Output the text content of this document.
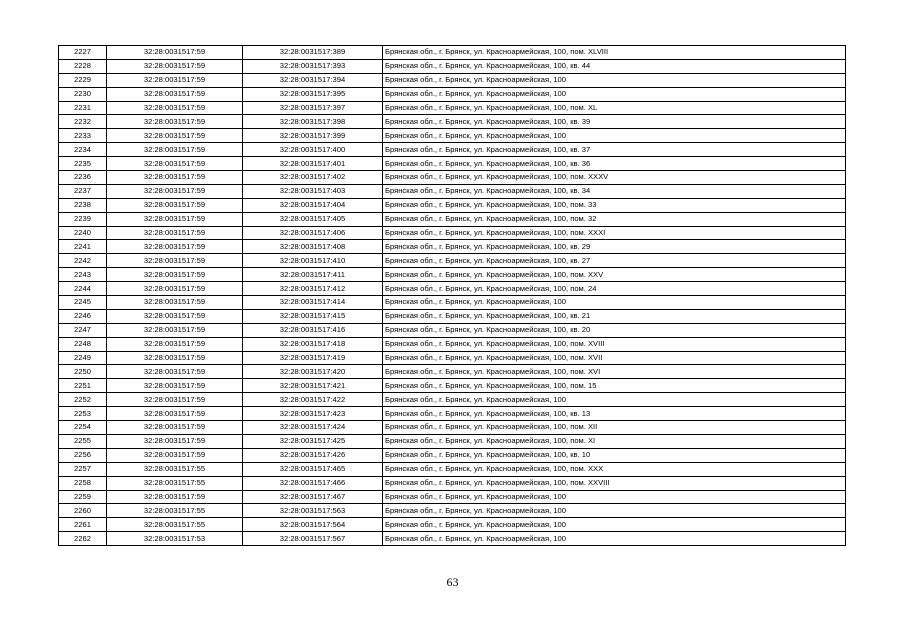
2227	32:28:0031517:59	32:28:0031517:389	Брянская обл., г. Брянск, ул. Красноармейская, 100, пом. XLVIII
2228	32:28:0031517:59	32:28:0031517:393	Брянская обл., г. Брянск, ул. Красноармейская, 100, кв. 44
2229	32:28:0031517:59	32:28:0031517:394	Брянская обл., г. Брянск, ул. Красноармейская, 100
2230	32:28:0031517:59	32:28:0031517:395	Брянская обл., г. Брянск, ул. Красноармейская, 100
2231	32:28:0031517:59	32:28:0031517:397	Брянская обл., г. Брянск, ул. Красноармейская, 100, пом. XL
2232	32:28:0031517:59	32:28:0031517:398	Брянская обл., г. Брянск, ул. Красноармейская, 100, кв. 39
2233	32:28:0031517:59	32:28:0031517:399	Брянская обл., г. Брянск, ул. Красноармейская, 100
2234	32:28:0031517:59	32:28:0031517:400	Брянская обл., г. Брянск, ул. Красноармейская, 100, кв. 37
2235	32:28:0031517:59	32:28:0031517:401	Брянская обл., г. Брянск, ул. Красноармейская, 100, кв. 36
2236	32:28:0031517:59	32:28:0031517:402	Брянская обл., г. Брянск, ул. Красноармейская, 100, пом. XXXV
2237	32:28:0031517:59	32:28:0031517:403	Брянская обл., г. Брянск, ул. Красноармейская, 100, кв. 34
2238	32:28:0031517:59	32:28:0031517:404	Брянская обл., г. Брянск, ул. Красноармейская, 100, пом. 33
2239	32:28:0031517:59	32:28:0031517:405	Брянская обл., г. Брянск, ул. Красноармейская, 100, пом. 32
2240	32:28:0031517:59	32:28:0031517:406	Брянская обл., г. Брянск, ул. Красноармейская, 100, пом. XXXI
2241	32:28:0031517:59	32:28:0031517:408	Брянская обл., г. Брянск, ул. Красноармейская, 100, кв. 29
2242	32:28:0031517:59	32:28:0031517:410	Брянская обл., г. Брянск, ул. Красноармейская, 100, кв. 27
2243	32:28:0031517:59	32:28:0031517:411	Брянская обл., г. Брянск, ул. Красноармейская, 100, пом. XXV
2244	32:28:0031517:59	32:28:0031517:412	Брянская обл., г. Брянск, ул. Красноармейская, 100, пом. 24
2245	32:28:0031517:59	32:28:0031517:414	Брянская обл., г. Брянск, ул. Красноармейская, 100
2246	32:28:0031517:59	32:28:0031517:415	Брянская обл., г. Брянск, ул. Красноармейская, 100, кв. 21
2247	32:28:0031517:59	32:28:0031517:416	Брянская обл., г. Брянск, ул. Красноармейская, 100, кв. 20
2248	32:28:0031517:59	32:28:0031517:418	Брянская обл., г. Брянск, ул. Красноармейская, 100, пом. XVIII
2249	32:28:0031517:59	32:28:0031517:419	Брянская обл., г. Брянск, ул. Красноармейская, 100, пом. XVII
2250	32:28:0031517:59	32:28:0031517:420	Брянская обл., г. Брянск, ул. Красноармейская, 100, пом. XVI
2251	32:28:0031517:59	32:28:0031517:421	Брянская обл., г. Брянск, ул. Красноармейская, 100, пом. 15
2252	32:28:0031517:59	32:28:0031517:422	Брянская обл., г. Брянск, ул. Красноармейская, 100
2253	32:28:0031517:59	32:28:0031517:423	Брянская обл., г. Брянск, ул. Красноармейская, 100, кв. 13
2254	32:28:0031517:59	32:28:0031517:424	Брянская обл., г. Брянск, ул. Красноармейская, 100, пом. XII
2255	32:28:0031517:59	32:28:0031517:425	Брянская обл., г. Брянск, ул. Красноармейская, 100, пом. XI
2256	32:28:0031517:59	32:28:0031517:426	Брянская обл., г. Брянск, ул. Красноармейская, 100, кв. 10
2257	32:28:0031517:55	32:28:0031517:465	Брянская обл., г. Брянск, ул. Красноармейская, 100, пом. XXX
2258	32:28:0031517:55	32:28:0031517:466	Брянская обл., г. Брянск, ул. Красноармейская, 100, пом. XXVIII
2259	32:28:0031517:59	32:28:0031517:467	Брянская обл., г. Брянск, ул. Красноармейская, 100
2260	32:28:0031517:55	32:28:0031517:563	Брянская обл., г. Брянск, ул. Красноармейская, 100
2261	32:28:0031517:55	32:28:0031517:564	Брянская обл., г. Брянск, ул. Красноармейская, 100
2262	32:28:0031517:53	32:28:0031517:567	Брянская обл., г. Брянск, ул. Красноармейская, 100
63
